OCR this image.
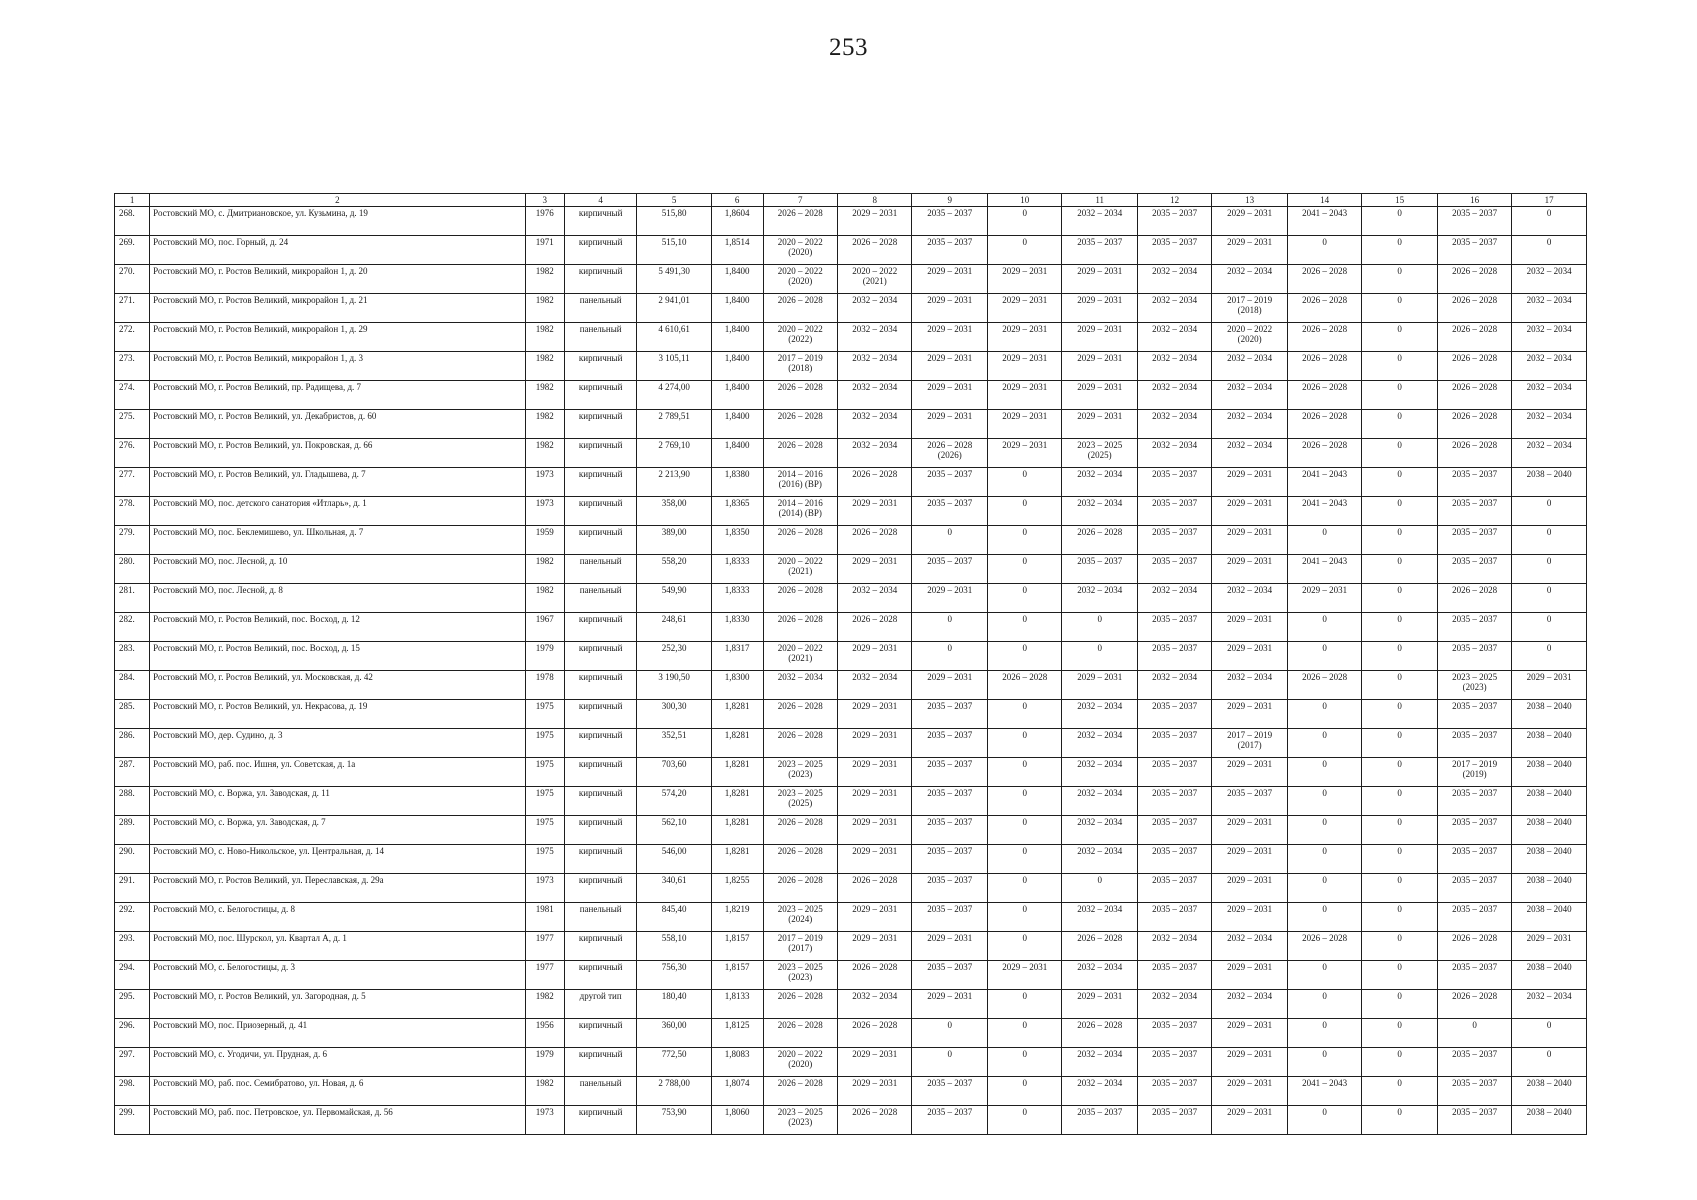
253
1	2	3	4	5	6	7	8	9	10	11	12	13	14	15	16	17

268.	Ростовский МО, с. Дмитриановское, ул. Кузьмина, д. 19	1976	кирпичный	515,80	1,8604	2026 – 2028	2029 – 2031	2035 – 2037	0	2032 – 2034	2035 – 2037	2029 – 2031	2041 – 2043	0	2035 – 2037	0

269.	Ростовский МО, пос. Горный, д. 24	1971	кирпичный	515,10	1,8514	2020 – 2022
(2020)	2026 – 2028	2035 – 2037	0	2035 – 2037	2035 – 2037	2029 – 2031	0	0	2035 – 2037	0

270.	Ростовский МО, г. Ростов Великий, микрорайон 1, д. 20	1982	кирпичный	5 491,30	1,8400	2020 – 2022
(2020)	2020 – 2022
(2021)	2029 – 2031	2029 – 2031	2029 – 2031	2032 – 2034	2032 – 2034	2026 – 2028	0	2026 – 2028	2032 – 2034

271.	Ростовский МО, г. Ростов Великий, микрорайон 1, д. 21	1982	панельный	2 941,01	1,8400	2026 – 2028	2032 – 2034	2029 – 2031	2029 – 2031	2029 – 2031	2032 – 2034	2017 – 2019
(2018)	2026 – 2028	0	2026 – 2028	2032 – 2034

272.	Ростовский МО, г. Ростов Великий, микрорайон 1, д. 29	1982	панельный	4 610,61	1,8400	2020 – 2022
(2022)	2032 – 2034	2029 – 2031	2029 – 2031	2029 – 2031	2032 – 2034	2020 – 2022
(2020)	2026 – 2028	0	2026 – 2028	2032 – 2034

273.	Ростовский МО, г. Ростов Великий, микрорайон 1, д. 3	1982	кирпичный	3 105,11	1,8400	2017 – 2019
(2018)	2032 – 2034	2029 – 2031	2029 – 2031	2029 – 2031	2032 – 2034	2032 – 2034	2026 – 2028	0	2026 – 2028	2032 – 2034

274.	Ростовский МО, г. Ростов Великий, пр. Радищева, д. 7	1982	кирпичный	4 274,00	1,8400	2026 – 2028	2032 – 2034	2029 – 2031	2029 – 2031	2029 – 2031	2032 – 2034	2032 – 2034	2026 – 2028	0	2026 – 2028	2032 – 2034

275.	Ростовский МО, г. Ростов Великий, ул. Декабристов, д. 60	1982	кирпичный	2 789,51	1,8400	2026 – 2028	2032 – 2034	2029 – 2031	2029 – 2031	2029 – 2031	2032 – 2034	2032 – 2034	2026 – 2028	0	2026 – 2028	2032 – 2034

276.	Ростовский МО, г. Ростов Великий, ул. Покровская, д. 66	1982	кирпичный	2 769,10	1,8400	2026 – 2028	2032 – 2034	2026 – 2028
(2026)	2029 – 2031	2023 – 2025
(2025)	2032 – 2034	2032 – 2034	2026 – 2028	0	2026 – 2028	2032 – 2034

277.	Ростовский МО, г. Ростов Великий, ул. Гладышева, д. 7	1973	кирпичный	2 213,90	1,8380	2014 – 2016
(2016) (ВР)	2026 – 2028	2035 – 2037	0	2032 – 2034	2035 – 2037	2029 – 2031	2041 – 2043	0	2035 – 2037	2038 – 2040

278.	Ростовский МО, пос. детского санатория «Итларь», д. 1	1973	кирпичный	358,00	1,8365	2014 – 2016
(2014) (ВР)	2029 – 2031	2035 – 2037	0	2032 – 2034	2035 – 2037	2029 – 2031	2041 – 2043	0	2035 – 2037	0

279.	Ростовский МО, пос. Беклемишево, ул. Школьная, д. 7	1959	кирпичный	389,00	1,8350	2026 – 2028	2026 – 2028	0	0	2026 – 2028	2035 – 2037	2029 – 2031	0	0	2035 – 2037	0

280.	Ростовский МО, пос. Лесной, д. 10	1982	панельный	558,20	1,8333	2020 – 2022
(2021)	2029 – 2031	2035 – 2037	0	2035 – 2037	2035 – 2037	2029 – 2031	2041 – 2043	0	2035 – 2037	0

281.	Ростовский МО, пос. Лесной, д. 8	1982	панельный	549,90	1,8333	2026 – 2028	2032 – 2034	2029 – 2031	0	2032 – 2034	2032 – 2034	2032 – 2034	2029 – 2031	0	2026 – 2028	0

282.	Ростовский МО, г. Ростов Великий, пос. Восход, д. 12	1967	кирпичный	248,61	1,8330	2026 – 2028	2026 – 2028	0	0	0	2035 – 2037	2029 – 2031	0	0	2035 – 2037	0

283.	Ростовский МО, г. Ростов Великий, пос. Восход, д. 15	1979	кирпичный	252,30	1,8317	2020 – 2022
(2021)	2029 – 2031	0	0	0	2035 – 2037	2029 – 2031	0	0	2035 – 2037	0

284.	Ростовский МО, г. Ростов Великий, ул. Московская, д. 42	1978	кирпичный	3 190,50	1,8300	2032 – 2034	2032 – 2034	2029 – 2031	2026 – 2028	2029 – 2031	2032 – 2034	2032 – 2034	2026 – 2028	0	2023 – 2025
(2023)	2029 – 2031

285.	Ростовский МО, г. Ростов Великий, ул. Некрасова, д. 19	1975	кирпичный	300,30	1,8281	2026 – 2028	2029 – 2031	2035 – 2037	0	2032 – 2034	2035 – 2037	2029 – 2031	0	0	2035 – 2037	2038 – 2040

286.	Ростовский МО, дер. Судино, д. 3	1975	кирпичный	352,51	1,8281	2026 – 2028	2029 – 2031	2035 – 2037	0	2032 – 2034	2035 – 2037	2017 – 2019
(2017)	0	0	2035 – 2037	2038 – 2040

287.	Ростовский МО, раб. пос. Ишня, ул. Советская, д. 1а	1975	кирпичный	703,60	1,8281	2023 – 2025
(2023)	2029 – 2031	2035 – 2037	0	2032 – 2034	2035 – 2037	2029 – 2031	0	0	2017 – 2019
(2019)	2038 – 2040

288.	Ростовский МО, с. Воржа, ул. Заводская, д. 11	1975	кирпичный	574,20	1,8281	2023 – 2025
(2025)	2029 – 2031	2035 – 2037	0	2032 – 2034	2035 – 2037	2035 – 2037	0	0	2035 – 2037	2038 – 2040

289.	Ростовский МО, с. Воржа, ул. Заводская, д. 7	1975	кирпичный	562,10	1,8281	2026 – 2028	2029 – 2031	2035 – 2037	0	2032 – 2034	2035 – 2037	2029 – 2031	0	0	2035 – 2037	2038 – 2040

290.	Ростовский МО, с. Ново-Никольское, ул. Центральная, д. 14	1975	кирпичный	546,00	1,8281	2026 – 2028	2029 – 2031	2035 – 2037	0	2032 – 2034	2035 – 2037	2029 – 2031	0	0	2035 – 2037	2038 – 2040

291.	Ростовский МО, г. Ростов Великий, ул. Переславская, д. 29а	1973	кирпичный	340,61	1,8255	2026 – 2028	2026 – 2028	2035 – 2037	0	0	2035 – 2037	2029 – 2031	0	0	2035 – 2037	2038 – 2040

292.	Ростовский МО, с. Белогостицы, д. 8	1981	панельный	845,40	1,8219	2023 – 2025
(2024)	2029 – 2031	2035 – 2037	0	2032 – 2034	2035 – 2037	2029 – 2031	0	0	2035 – 2037	2038 – 2040

293.	Ростовский МО, пос. Шурскол, ул. Квартал А, д. 1	1977	кирпичный	558,10	1,8157	2017 – 2019
(2017)	2029 – 2031	2029 – 2031	0	2026 – 2028	2032 – 2034	2032 – 2034	2026 – 2028	0	2026 – 2028	2029 – 2031

294.	Ростовский МО, с. Белогостицы, д. 3	1977	кирпичный	756,30	1,8157	2023 – 2025
(2023)	2026 – 2028	2035 – 2037	2029 – 2031	2032 – 2034	2035 – 2037	2029 – 2031	0	0	2035 – 2037	2038 – 2040

295.	Ростовский МО, г. Ростов Великий, ул. Загородная, д. 5	1982	другой тип	180,40	1,8133	2026 – 2028	2032 – 2034	2029 – 2031	0	2029 – 2031	2032 – 2034	2032 – 2034	0	0	2026 – 2028	2032 – 2034

296.	Ростовский МО, пос. Приозерный, д. 41	1956	кирпичный	360,00	1,8125	2026 – 2028	2026 – 2028	0	0	2026 – 2028	2035 – 2037	2029 – 2031	0	0	0	0

297.	Ростовский МО, с. Угодичи, ул. Прудная, д. 6	1979	кирпичный	772,50	1,8083	2020 – 2022
(2020)	2029 – 2031	0	0	2032 – 2034	2035 – 2037	2029 – 2031	0	0	2035 – 2037	0

298.	Ростовский МО, раб. пос. Семибратово, ул. Новая, д. 6	1982	панельный	2 788,00	1,8074	2026 – 2028	2029 – 2031	2035 – 2037	0	2032 – 2034	2035 – 2037	2029 – 2031	2041 – 2043	0	2035 – 2037	2038 – 2040

299.	Ростовский МО, раб. пос. Петровское, ул. Первомайская, д. 56	1973	кирпичный	753,90	1,8060	2023 – 2025
(2023)	2026 – 2028	2035 – 2037	0	2035 – 2037	2035 – 2037	2029 – 2031	0	0	2035 – 2037	2038 – 2040
